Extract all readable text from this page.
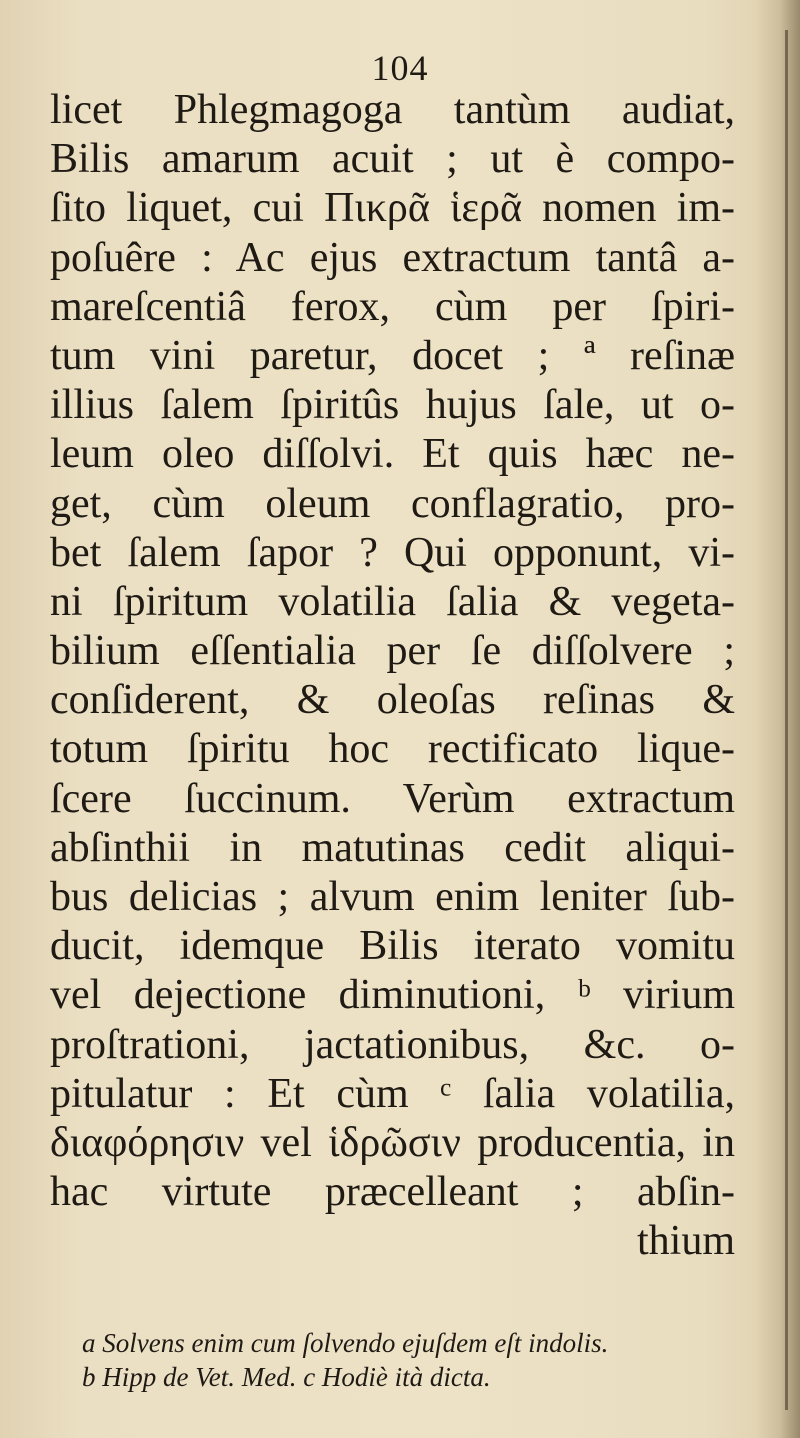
104
licet Phlegmagoga tantùm audiat,
Bilis amarum acuit ; ut è compo-
ſito liquet, cui Πικρᾶ ἱερᾶ nomen im-
poſuêre : Ac ejus extractum tantâ a-
mareſcentiâ ferox, cùm per ſpiri-
tum vini paretur, docet ; ª reſinæ
illius ſalem ſpiritûs hujus ſale, ut o-
leum oleo diſſolvi. Et quis hæc ne-
get, cùm oleum conflagratio, pro-
bet ſalem ſapor ? Qui opponunt, vi-
ni ſpiritum volatilia ſalia & vegeta-
bilium eſſentialia per ſe diſſolvere ;
conſiderent, & oleoſas reſinas &
totum ſpiritu hoc rectificato lique-
ſcere ſuccinum. Verùm extractum
abſinthii in matutinas cedit aliqui-
bus delicias ; alvum enim leniter ſub-
ducit, idemque Bilis iterato vomitu
vel dejectione diminutioni, ᵇ virium
proſtrationi, jactationibus, &c. o-
pitulatur : Et cùm ᶜ ſalia volatilia,
διαφόρησιν vel ἱδρῶσιν producentia, in
hac virtute præcelleant ; abſin-
thium
a Solvens enim cum ſolvendo ejuſdem eſt indolis.
b Hipp de Vet. Med. c Hodiè ità dicta.
